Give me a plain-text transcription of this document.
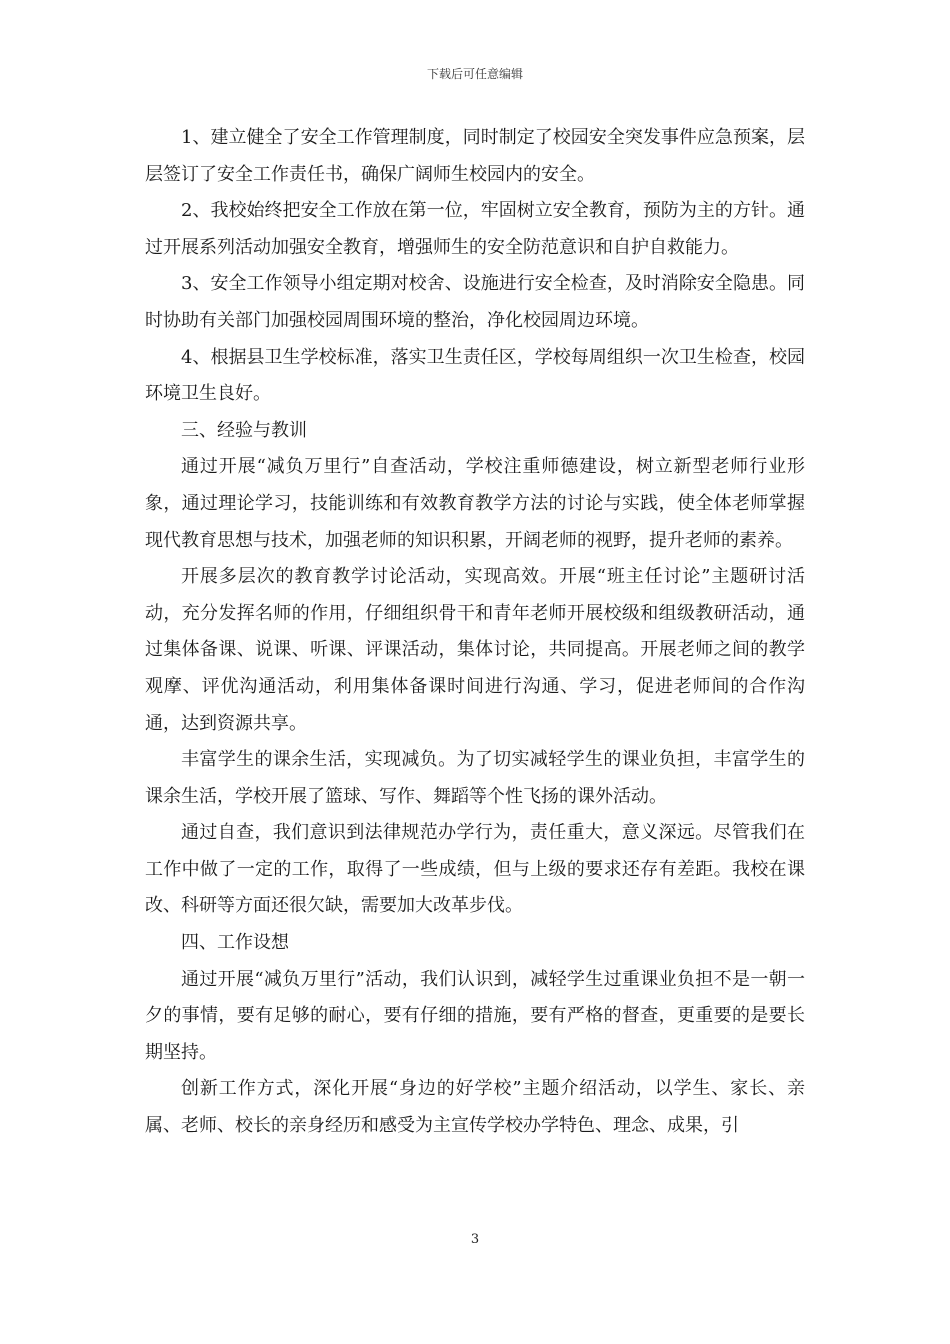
下载后可任意编辑

1、建立健全了安全工作管理制度，同时制定了校园安全突发事件应急预案，层层签订了安全工作责任书，确保广阔师生校园内的安全。

2、我校始终把安全工作放在第一位，牢固树立安全教育，预防为主的方针。通过开展系列活动加强安全教育，增强师生的安全防范意识和自护自救能力。

3、安全工作领导小组定期对校舍、设施进行安全检查，及时消除安全隐患。同时协助有关部门加强校园周围环境的整治，净化校园周边环境。

4、根据县卫生学校标准，落实卫生责任区，学校每周组织一次卫生检查，校园环境卫生良好。

三、经验与教训

通过开展“减负万里行”自查活动，学校注重师德建设，树立新型老师行业形象，通过理论学习，技能训练和有效教育教学方法的讨论与实践，使全体老师掌握现代教育思想与技术，加强老师的知识积累，开阔老师的视野，提升老师的素养。

开展多层次的教育教学讨论活动，实现高效。开展“班主任讨论”主题研讨活动，充分发挥名师的作用，仔细组织骨干和青年老师开展校级和组级教研活动，通过集体备课、说课、听课、评课活动，集体讨论，共同提高。开展老师之间的教学观摩、评优沟通活动，利用集体备课时间进行沟通、学习，促进老师间的合作沟通，达到资源共享。

丰富学生的课余生活，实现减负。为了切实减轻学生的课业负担，丰富学生的课余生活，学校开展了篮球、写作、舞蹈等个性飞扬的课外活动。

通过自查，我们意识到法律规范办学行为，责任重大，意义深远。尽管我们在工作中做了一定的工作，取得了一些成绩，但与上级的要求还存有差距。我校在课改、科研等方面还很欠缺，需要加大改革步伐。

四、工作设想

通过开展“减负万里行”活动，我们认识到，减轻学生过重课业负担不是一朝一夕的事情，要有足够的耐心，要有仔细的措施，要有严格的督查，更重要的是要长期坚持。

创新工作方式，深化开展“身边的好学校”主题介绍活动，以学生、家长、亲属、老师、校长的亲身经历和感受为主宣传学校办学特色、理念、成果，引

3
